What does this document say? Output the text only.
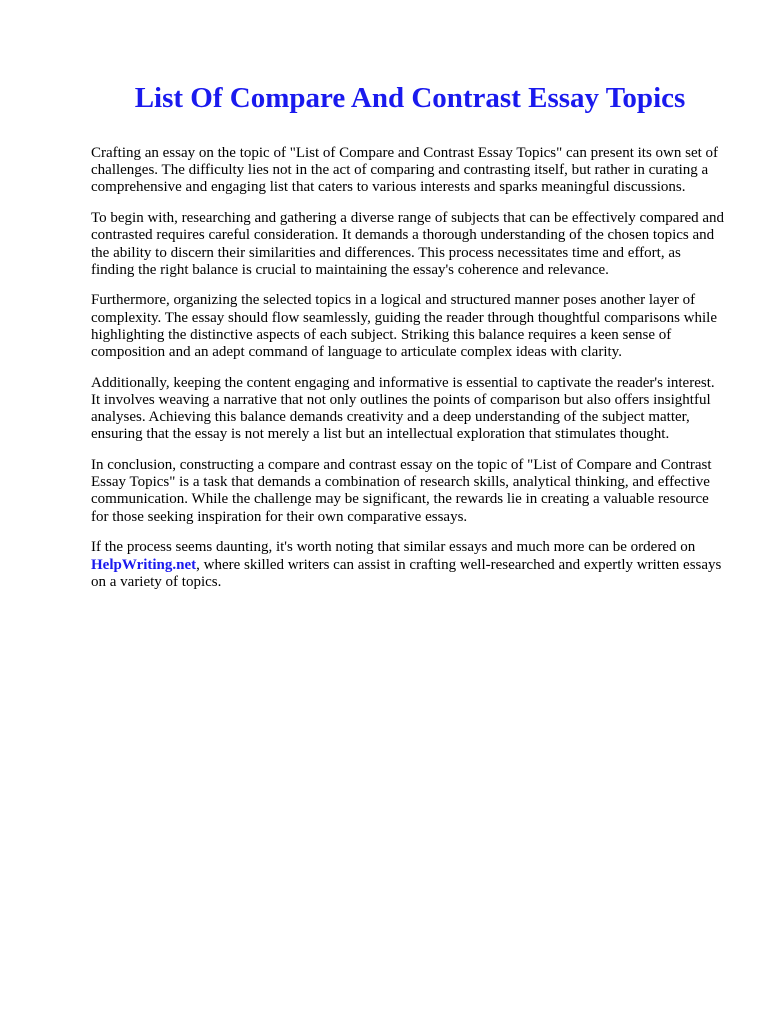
List Of Compare And Contrast Essay Topics

Crafting an essay on the topic of "List of Compare and Contrast Essay Topics" can present its own set of challenges. The difficulty lies not in the act of comparing and contrasting itself, but rather in curating a comprehensive and engaging list that caters to various interests and sparks meaningful discussions.

To begin with, researching and gathering a diverse range of subjects that can be effectively compared and contrasted requires careful consideration. It demands a thorough understanding of the chosen topics and the ability to discern their similarities and differences. This process necessitates time and effort, as finding the right balance is crucial to maintaining the essay's coherence and relevance.

Furthermore, organizing the selected topics in a logical and structured manner poses another layer of complexity. The essay should flow seamlessly, guiding the reader through thoughtful comparisons while highlighting the distinctive aspects of each subject. Striking this balance requires a keen sense of composition and an adept command of language to articulate complex ideas with clarity.

Additionally, keeping the content engaging and informative is essential to captivate the reader's interest. It involves weaving a narrative that not only outlines the points of comparison but also offers insightful analyses. Achieving this balance demands creativity and a deep understanding of the subject matter, ensuring that the essay is not merely a list but an intellectual exploration that stimulates thought.

In conclusion, constructing a compare and contrast essay on the topic of "List of Compare and Contrast Essay Topics" is a task that demands a combination of research skills, analytical thinking, and effective communication. While the challenge may be significant, the rewards lie in creating a valuable resource for those seeking inspiration for their own comparative essays.

If the process seems daunting, it's worth noting that similar essays and much more can be ordered on HelpWriting.net, where skilled writers can assist in crafting well-researched and expertly written essays on a variety of topics.
